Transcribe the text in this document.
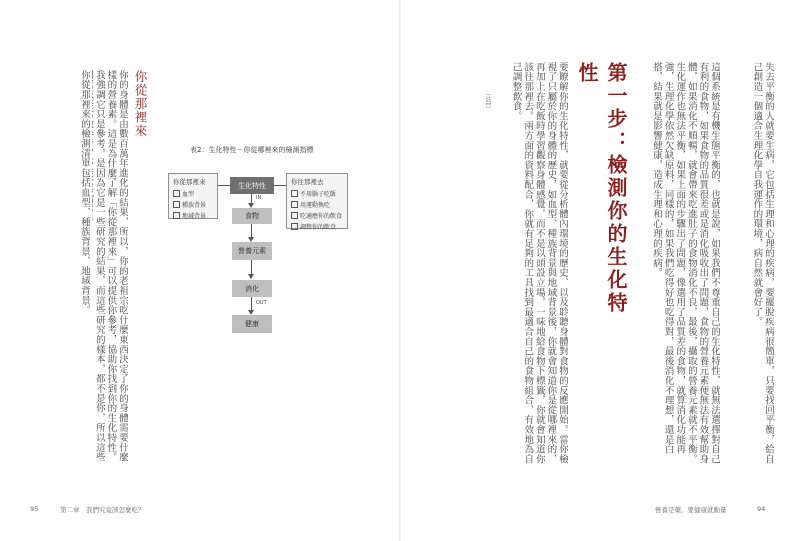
你從那裡來
你的身體是由數百萬年進化的結果，所以，你的老祖宗吃什麼東西決定了你的身體需要什麼樣的營養素。這是為什麼了解「你從那裡來」可以提供你參考，協助你找到你的生化特性。我強調它只是參考，是因為它是一些研究的結果，而這些研究的樣本，都不是你，所以這些
你從那裡來的檢測清單包括血型、種族背景、地域背景。	表2：生化特性－你從哪裡來的檢測指標
你從那裡來
血型
種族背景
地域背景
你往那裡去
不用腦子吃飯
用運動換吃
吃適應你的飲食
調整你的飲食
生化特性
IN
食物
營養元素
消化
OUT
健康	失去平衡的人就要生病，它包括生理和心理的疾病，要擺脫疾病很簡單，只要找回平衡，給自己創造一個適合生理化學自我運作的環境，病自然就會好了。
這個系統是有機生態平衡的，也就是說，如果我們不尊重自己的生化特性，就無法選擇對自己有利的食物，如果食物的品質很差或是消化吸收出了問題，食物的營養元素便無法有效幫助身體，如果消化不順暢，就會帶來吃進肚子的食物消化不良，最後，攝取的營養元素就不平衡。生化運作也無法平衡，如果上面的步驟出了問題，像選用了品質差的食物，就算消化功能再強，生理化學依然欠缺原料，同樣的，如果我們吃得好也吃得對，最後消化不理想，還是白搭，結果就是影響健康，造成生理和心理的疾病。
第一步：檢測你的生化特性
要瞭解你的生化特性，就要從分析體內環境的歷史、以及聆聽身體對食物的反應開始。當你檢視了只屬於你的身體的歷史，如血型、種族背景與地域背景後，你就會知道你是從哪裡來的，再加上在吃飯時學習觀察身體感覺，而不是以頭設立場，一味地給食物下標籤，你就會知道你該往那裡去。兩方面的資料配合，你就有足夠的工具找到最適合自己的食物組合，有效地為自己調整飲食。
（註1）
95	第二章　我們究竟該怎麼吃？	營養是藥，要健康就動量	94
